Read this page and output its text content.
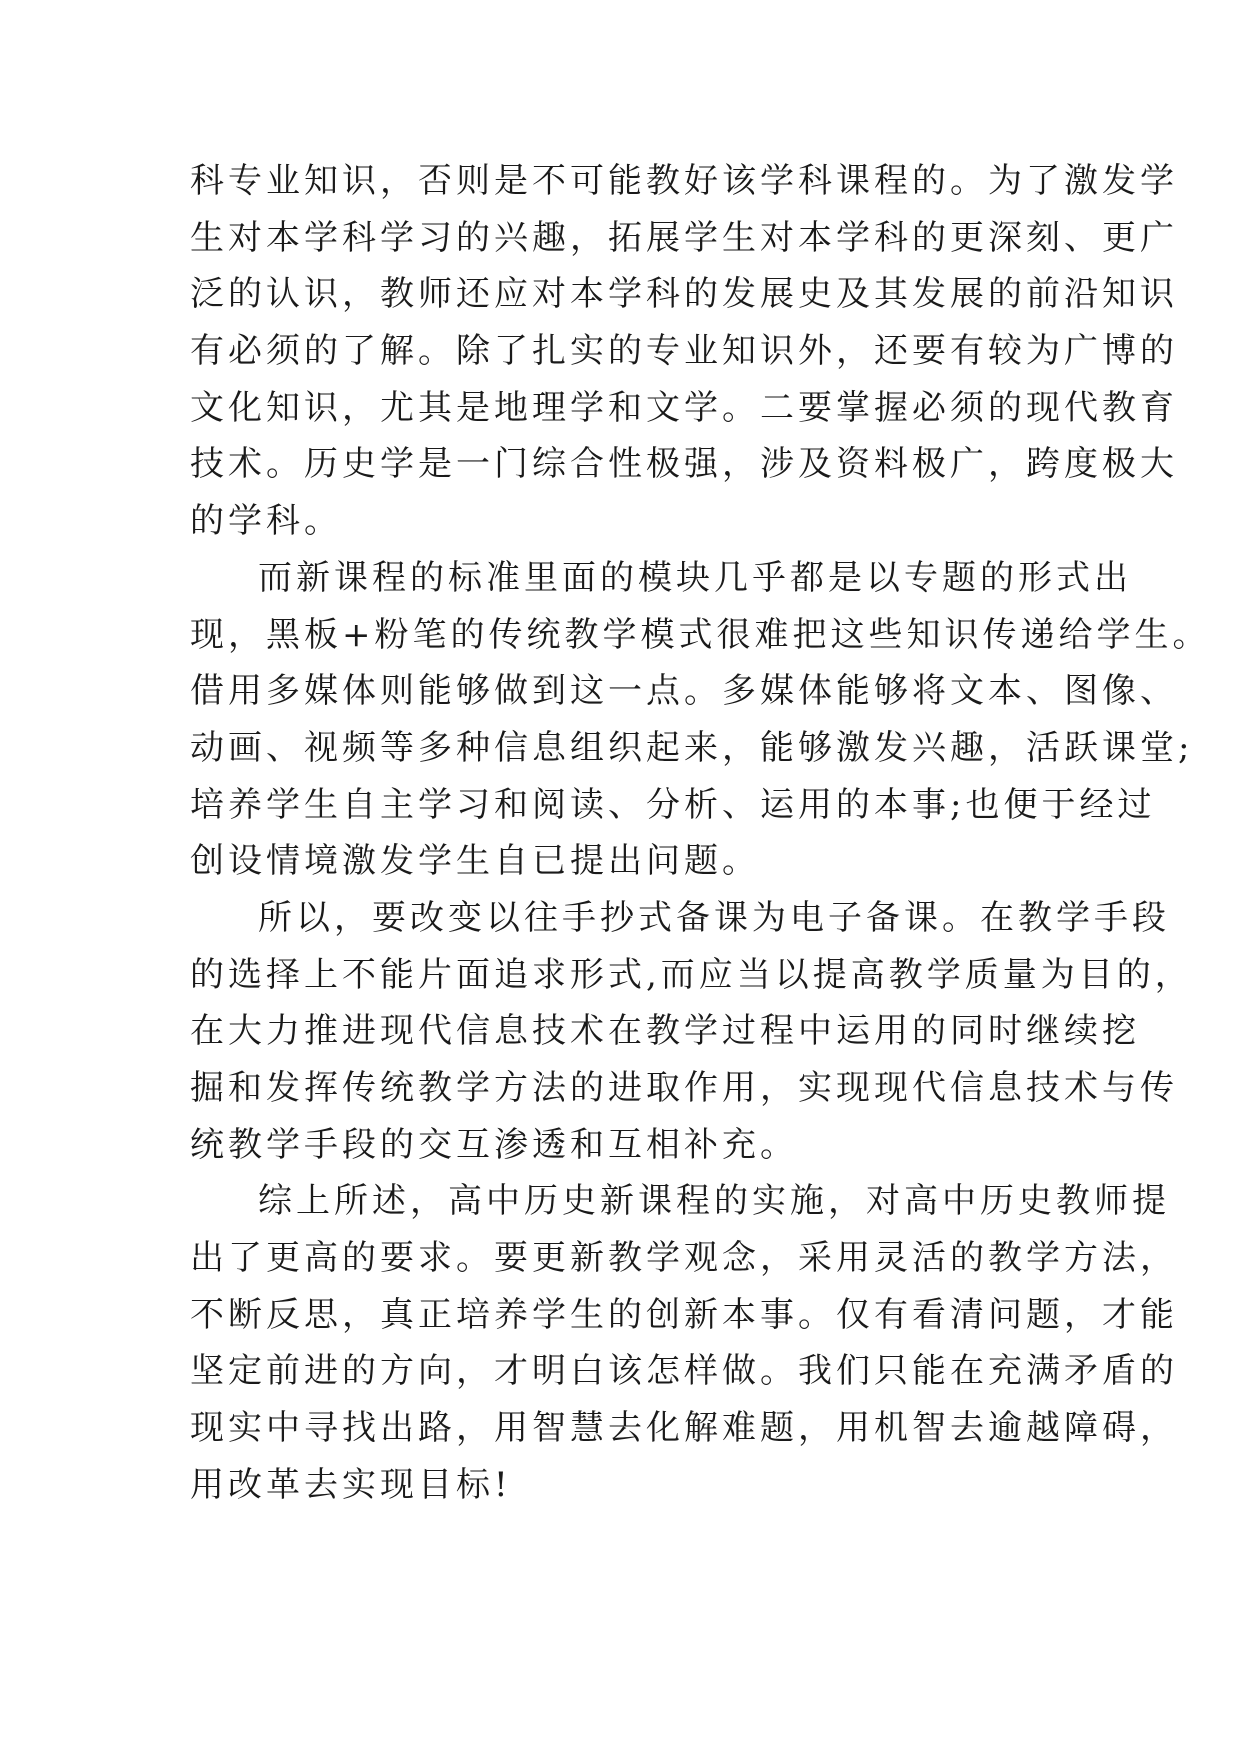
科专业知识，否则是不可能教好该学科课程的。为了激发学
生对本学科学习的兴趣，拓展学生对本学科的更深刻、更广
泛的认识，教师还应对本学科的发展史及其发展的前沿知识
有必须的了解。除了扎实的专业知识外，还要有较为广博的
文化知识，尤其是地理学和文学。二要掌握必须的现代教育
技术。历史学是一门综合性极强，涉及资料极广，跨度极大
的学科。
而新课程的标准里面的模块几乎都是以专题的形式出
现，黑板+粉笔的传统教学模式很难把这些知识传递给学生。
借用多媒体则能够做到这一点。多媒体能够将文本、图像、
动画、视频等多种信息组织起来，能够激发兴趣，活跃课堂;
培养学生自主学习和阅读、分析、运用的本事;也便于经过
创设情境激发学生自已提出问题。
所以，要改变以往手抄式备课为电子备课。在教学手段
的选择上不能片面追求形式,而应当以提高教学质量为目的，
在大力推进现代信息技术在教学过程中运用的同时继续挖
掘和发挥传统教学方法的进取作用，实现现代信息技术与传
统教学手段的交互渗透和互相补充。
综上所述，高中历史新课程的实施，对高中历史教师提
出了更高的要求。要更新教学观念，采用灵活的教学方法，
不断反思，真正培养学生的创新本事。仅有看清问题，才能
坚定前进的方向，才明白该怎样做。我们只能在充满矛盾的
现实中寻找出路，用智慧去化解难题，用机智去逾越障碍，
用改革去实现目标!
